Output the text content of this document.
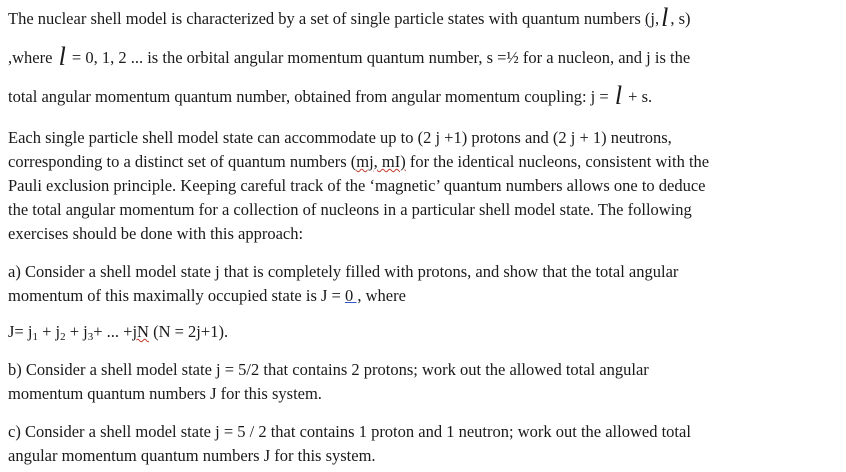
The nuclear shell model is characterized by a set of single particle states with quantum numbers (j,l , s)
,where l = 0, 1, 2 ... is the orbital angular momentum quantum number, s =½ for a nucleon, and j is the
total angular momentum quantum number, obtained from angular momentum coupling: j = l + s.
Each single particle shell model state can accommodate up to (2 j +1) protons and (2 j + 1) neutrons,
corresponding to a distinct set of quantum numbers (mj, mI) for the identical nucleons, consistent with the
Pauli exclusion principle. Keeping careful track of the ‘magnetic’ quantum numbers allows one to deduce
the total angular momentum for a collection of nucleons in a particular shell model state. The following
exercises should be done with this approach:
a) Consider a shell model state j that is completely filled with protons, and show that the total angular
momentum of this maximally occupied state is J = 0 , where
$J= j_1 + j_2 + j_3+$ ... +jN (N = 2j+1).
b) Consider a shell model state j = 5/2 that contains 2 protons; work out the allowed total angular
momentum quantum numbers J for this system.
c) Consider a shell model state j = 5 / 2 that contains 1 proton and 1 neutron; work out the allowed total
angular momentum quantum numbers J for this system.
